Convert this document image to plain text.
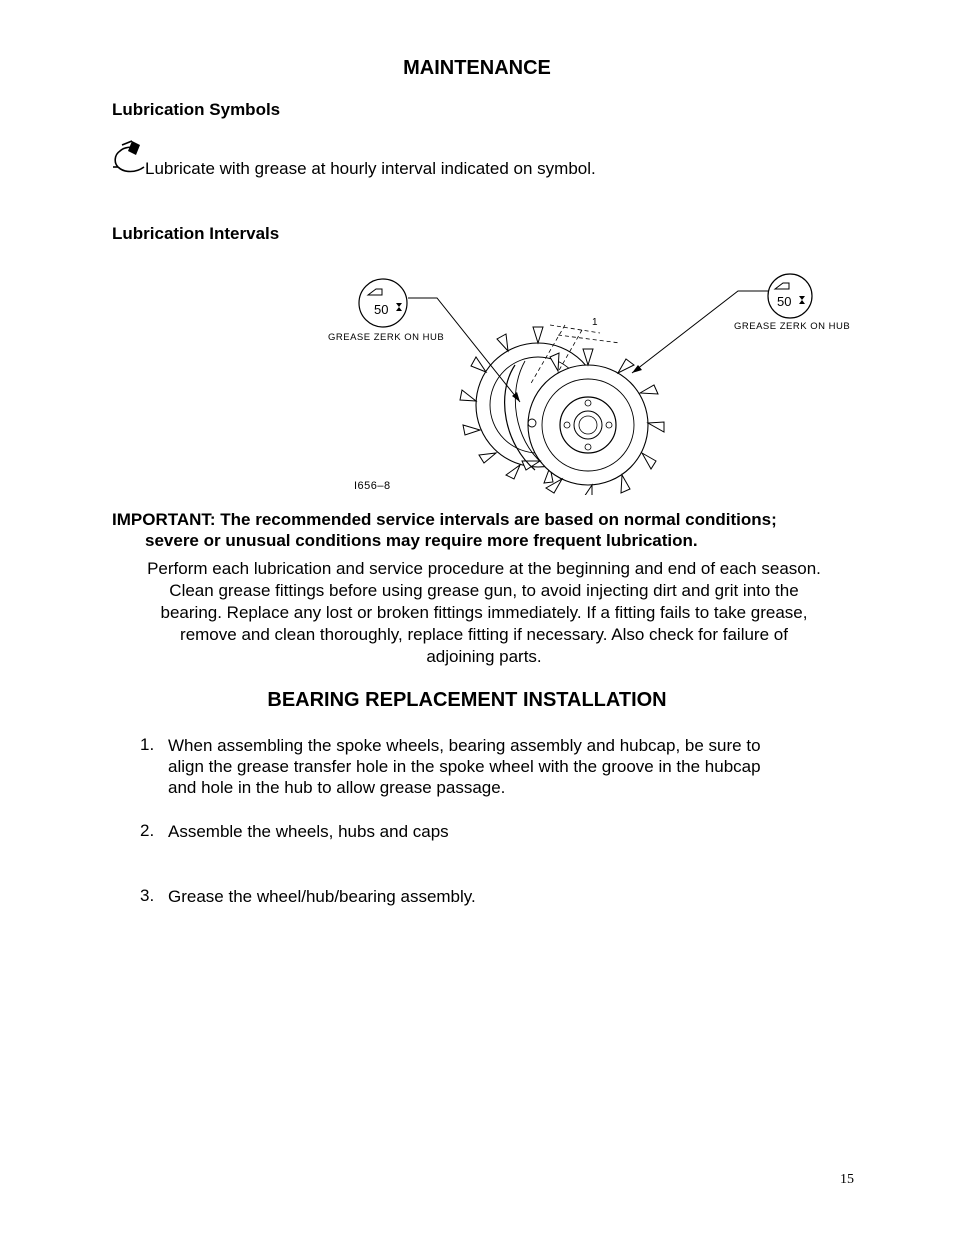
MAINTENANCE
Lubrication Symbols
Lubricate with grease at hourly interval indicated on symbol.
Lubrication Intervals
50
GREASE ZERK ON HUB
50
GREASE ZERK ON HUB
1
I656–8
IMPORTANT: The recommended service intervals are based on normal conditions;
severe or unusual conditions may require more frequent lubrication.
Perform each lubrication and service procedure at the beginning and end of each season.
Clean grease fittings before using grease gun, to avoid injecting dirt and grit into the
bearing. Replace any lost or broken fittings immediately. If a fitting fails to take grease,
remove and clean thoroughly, replace fitting if necessary. Also check for failure of
adjoining parts.
BEARING REPLACEMENT INSTALLATION
1. When assembling the spoke wheels, bearing assembly and hubcap, be sure to
align the grease transfer hole in the spoke wheel with the groove in the hubcap
and hole in the hub to allow grease passage.
2. Assemble the wheels, hubs and caps
3. Grease the wheel/hub/bearing assembly.
15
